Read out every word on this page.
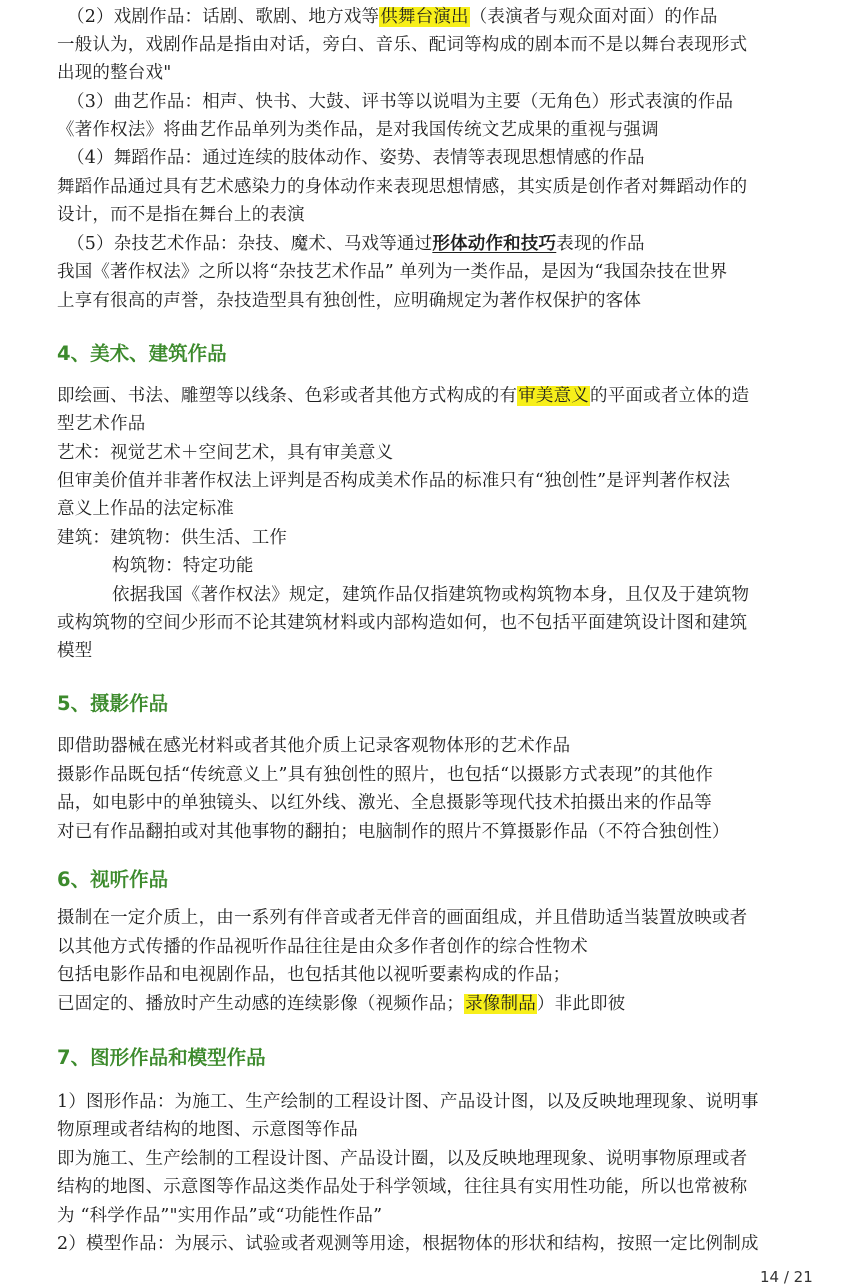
（2）戏剧作品：话剧、歌剧、地方戏等供舞台演出（表演者与观众面对面）的作品
一般认为，戏剧作品是指由对话，旁白、音乐、配词等构成的剧本而不是以舞台表现形式
出现的整台戏"
（3）曲艺作品：相声、快书、大鼓、评书等以说唱为主要（无角色）形式表演的作品
《著作权法》将曲艺作品单列为类作品，是对我国传统文艺成果的重视与强调
（4）舞蹈作品：通过连续的肢体动作、姿势、表情等表现思想情感的作品
舞蹈作品通过具有艺术感染力的身体动作来表现思想情感，其实质是创作者对舞蹈动作的
设计，而不是指在舞台上的表演
（5）杂技艺术作品：杂技、魔术、马戏等通过形体动作和技巧表现的作品
我国《著作权法》之所以将“杂技艺术作品” 单列为一类作品，是因为“我国杂技在世界
上享有很高的声誉，杂技造型具有独创性，应明确规定为著作权保护的客体
4、美术、建筑作品
即绘画、书法、雕塑等以线条、色彩或者其他方式构成的有审美意义的平面或者立体的造
型艺术作品
艺术：视觉艺术＋空间艺术，具有审美意义
但审美价值并非著作权法上评判是否构成美术作品的标准只有“独创性”是评判著作权法
意义上作品的法定标准
建筑：建筑物：供生活、工作
构筑物：特定功能
依据我国《著作权法》规定，建筑作品仅指建筑物或构筑物本身，且仅及于建筑物
或构筑物的空间少形而不论其建筑材料或内部构造如何，也不包括平面建筑设计图和建筑
模型
5、摄影作品
即借助器械在感光材料或者其他介质上记录客观物体形的艺术作品
摄影作品既包括“传统意义上”具有独创性的照片，也包括“以摄影方式表现”的其他作
品，如电影中的单独镜头、以红外线、激光、全息摄影等现代技术拍摄出来的作品等
对已有作品翻拍或对其他事物的翻拍；电脑制作的照片不算摄影作品（不符合独创性）
6、视听作品
摄制在一定介质上，由一系列有伴音或者无伴音的画面组成，并且借助适当装置放映或者
以其他方式传播的作品视听作品往往是由众多作者创作的综合性物术
包括电影作品和电视剧作品，也包括其他以视听要素构成的作品；
已固定的、播放时产生动感的连续影像（视频作品；录像制品）非此即彼
7、图形作品和模型作品
1）图形作品：为施工、生产绘制的工程设计图、产品设计图，以及反映地理现象、说明事
物原理或者结构的地图、示意图等作品
即为施工、生产绘制的工程设计图、产品设计圈，以及反映地理现象、说明事物原理或者
结构的地图、示意图等作品这类作品处于科学领域，往往具有实用性功能，所以也常被称
为 “科学作品”"实用作品”或“功能性作品”
2）模型作品：为展示、试验或者观测等用途，根据物体的形状和结构，按照一定比例制成
14 / 21
